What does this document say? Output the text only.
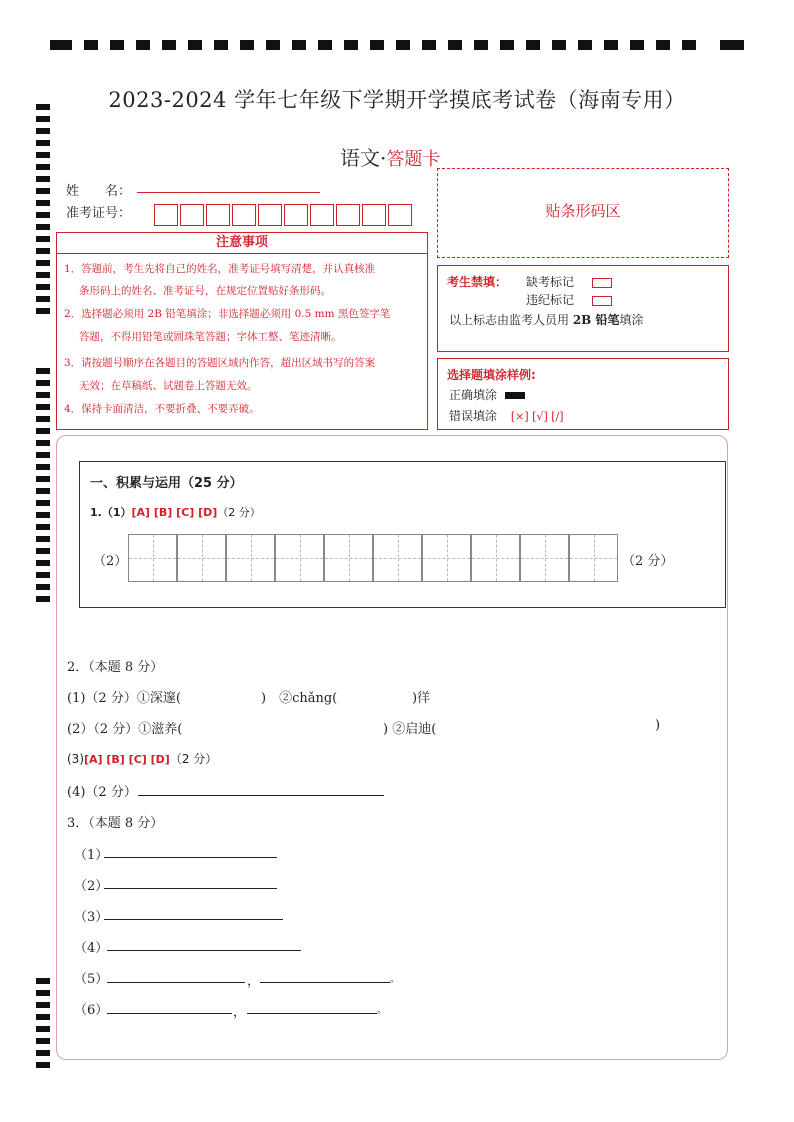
2023-2024 学年七年级下学期开学摸底考试卷（海南专用）
语文·答题卡
姓　　名：
准考证号：	贴条形码区
注意事项
1．答题前，考生先将自己的姓名，准考证号填写清楚，并认真核准
条形码上的姓名、准考证号，在规定位置贴好条形码。
2．选择题必须用 2B 铅笔填涂；非选择题必须用 0.5 mm 黑色签字笔
答题，不得用铅笔或圆珠笔答题；字体工整、笔迹清晰。
3．请按题号顺序在各题目的答题区域内作答，超出区域书写的答案
无效；在草稿纸、试题卷上答题无效。
4．保持卡面清洁，不要折叠、不要弄破。
考生禁填： 缺考标记
违纪标记
以上标志由监考人员用 2B 铅笔填涂
选择题填涂样例:
正确填涂
错误填涂 [×] [√] [/]
一、积累与运用（25 分）
1.（1）[A] [B] [C] [D]（2 分）
（2）	（2 分）
2．（本题 8 分）
(1)（2 分）①深邃(	)　②chǎng(	)徉
(2）（2 分）①滋养(	) ②启迪(	)
(3)[A] [B] [C] [D]（2 分）
(4)（2 分）
3．（本题 8 分）
（1）
（2）
（3）
（4）
（5）	，	。
（6）	，	。
